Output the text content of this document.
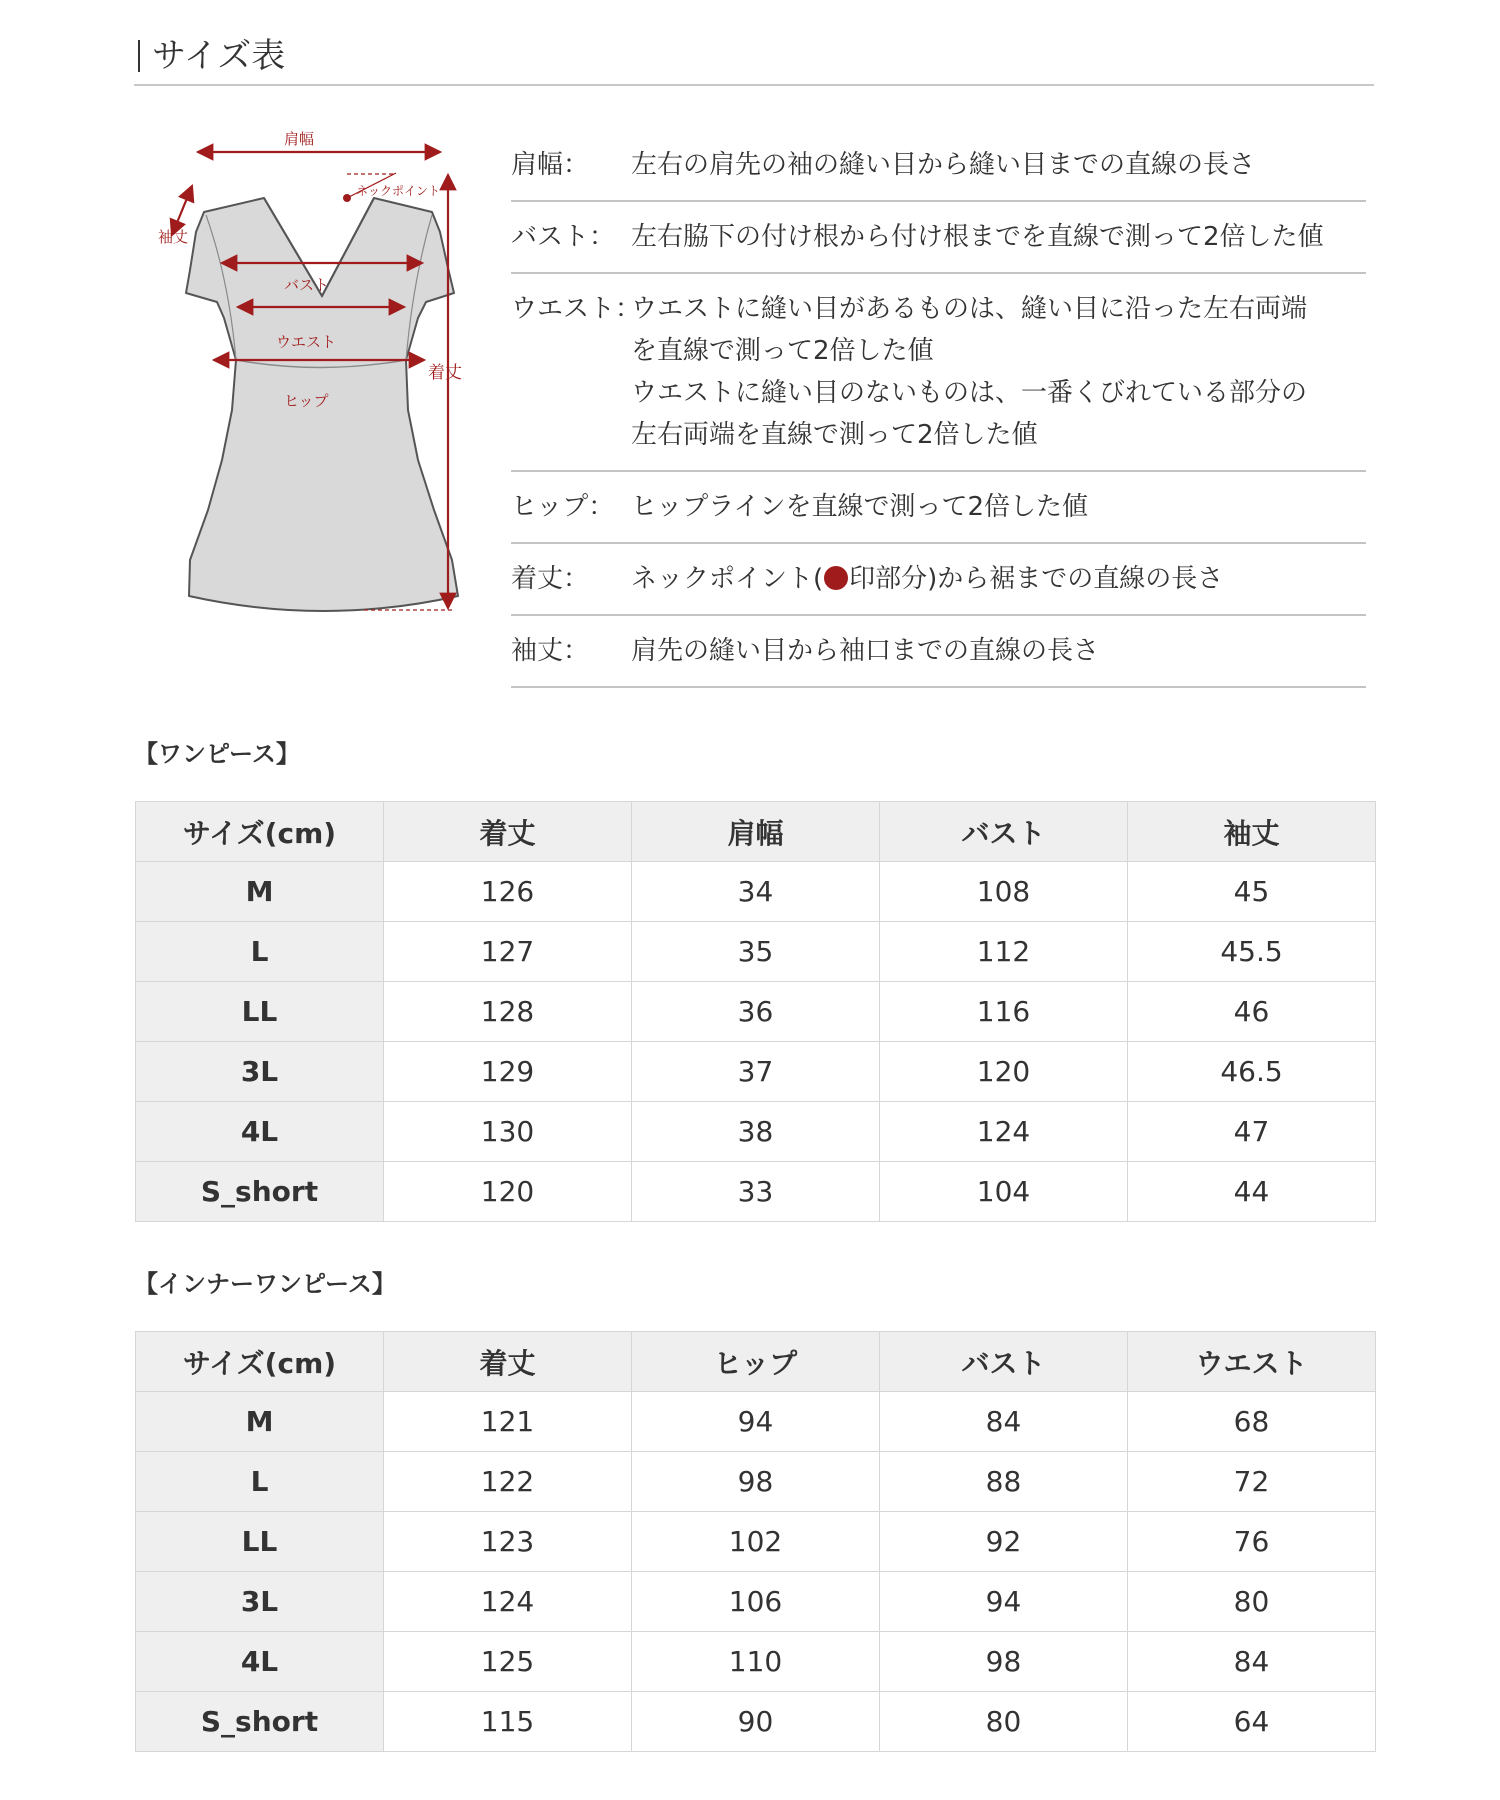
サイズ表
肩幅
ネックポイント
袖丈
バスト
ウエスト
ヒップ
着丈
肩幅： 左右の肩先の袖の縫い目から縫い目までの直線の長さ
バスト： 左右脇下の付け根から付け根までを直線で測って2倍した値
ウエスト：
ウエストに縫い目があるものは、縫い目に沿った左右両端
を直線で測って2倍した値
ウエストに縫い目のないものは、一番くびれている部分の
左右両端を直線で測って2倍した値
ヒップ： ヒップラインを直線で測って2倍した値
着丈： ネックポイント( 印部分)から裾までの直線の長さ
袖丈： 肩先の縫い目から袖口までの直線の長さ
【ワンピース】
サイズ(cm)	着丈	肩幅	バスト	袖丈
M	126	34	108	45
L	127	35	112	45.5
LL	128	36	116	46
3L	129	37	120	46.5
4L	130	38	124	47
S_short	120	33	104	44
【インナーワンピース】
サイズ(cm)	着丈	ヒップ	バスト	ウエスト
M	121	94	84	68
L	122	98	88	72
LL	123	102	92	76
3L	124	106	94	80
4L	125	110	98	84
S_short	115	90	80	64
